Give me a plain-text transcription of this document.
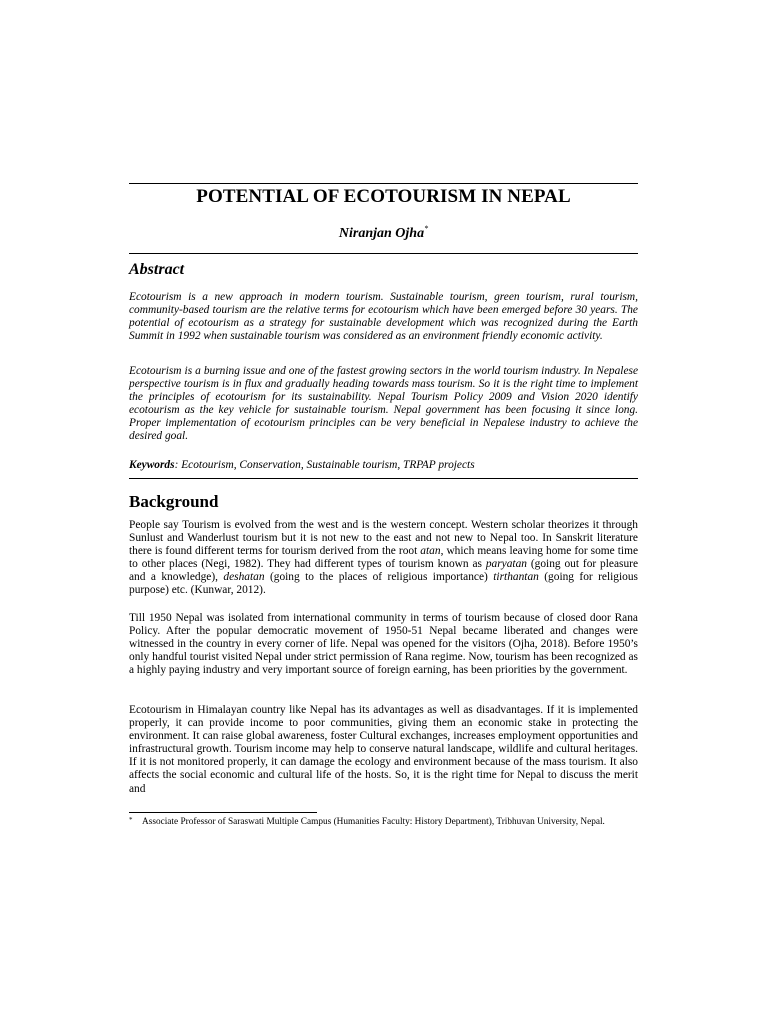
POTENTIAL OF ECOTOURISM IN NEPAL
Niranjan Ojha*
Abstract

Ecotourism is a new approach in modern tourism. Sustainable tourism, green tourism, rural tourism, community-based tourism are the relative terms for ecotourism which have been emerged before 30 years. The potential of ecotourism as a strategy for sustainable development which was recognized during the Earth Summit in 1992 when sustainable tourism was considered as an environment friendly economic activity.

Ecotourism is a burning issue and one of the fastest growing sectors in the world tourism industry. In Nepalese perspective tourism is in flux and gradually heading towards mass tourism. So it is the right time to implement the principles of ecotourism for its sustainability. Nepal Tourism Policy 2009 and Vision 2020 identify ecotourism as the key vehicle for sustainable tourism. Nepal government has been focusing it since long. Proper implementation of ecotourism principles can be very beneficial in Nepalese industry to achieve the desired goal.

Keywords: Ecotourism, Conservation, Sustainable tourism, TRPAP projects

Background

People say Tourism is evolved from the west and is the western concept. Western scholar theorizes it through Sunlust and Wanderlust tourism but it is not new to the east and not new to Nepal too. In Sanskrit literature there is found different terms for tourism derived from the root atan, which means leaving home for some time to other places (Negi, 1982). They had different types of tourism known as paryatan (going out for pleasure and a knowledge), deshatan (going to the places of religious importance) tirthantan (going for religious purpose) etc. (Kunwar, 2012).

Till 1950 Nepal was isolated from international community in terms of tourism because of closed door Rana Policy. After the popular democratic movement of 1950-51 Nepal became liberated and changes were witnessed in the country in every corner of life. Nepal was opened for the visitors (Ojha, 2018). Before 1950’s only handful tourist visited Nepal under strict permission of Rana regime. Now, tourism has been recognized as a highly paying industry and very important source of foreign earning, has been priorities by the government.

Ecotourism in Himalayan country like Nepal has its advantages as well as disadvantages. If it is implemented properly, it can provide income to poor communities, giving them an economic stake in protecting the environment. It can raise global awareness, foster Cultural exchanges, increases employment opportunities and infrastructural growth. Tourism income may help to conserve natural landscape, wildlife and cultural heritages. If it is not monitored properly, it can damage the ecology and environment because of the mass tourism. It also affects the social economic and cultural life of the hosts. So, it is the right time for Nepal to discuss the merit and

*	Associate Professor of Saraswati Multiple Campus (Humanities Faculty: History Department), Tribhuvan University, Nepal.
